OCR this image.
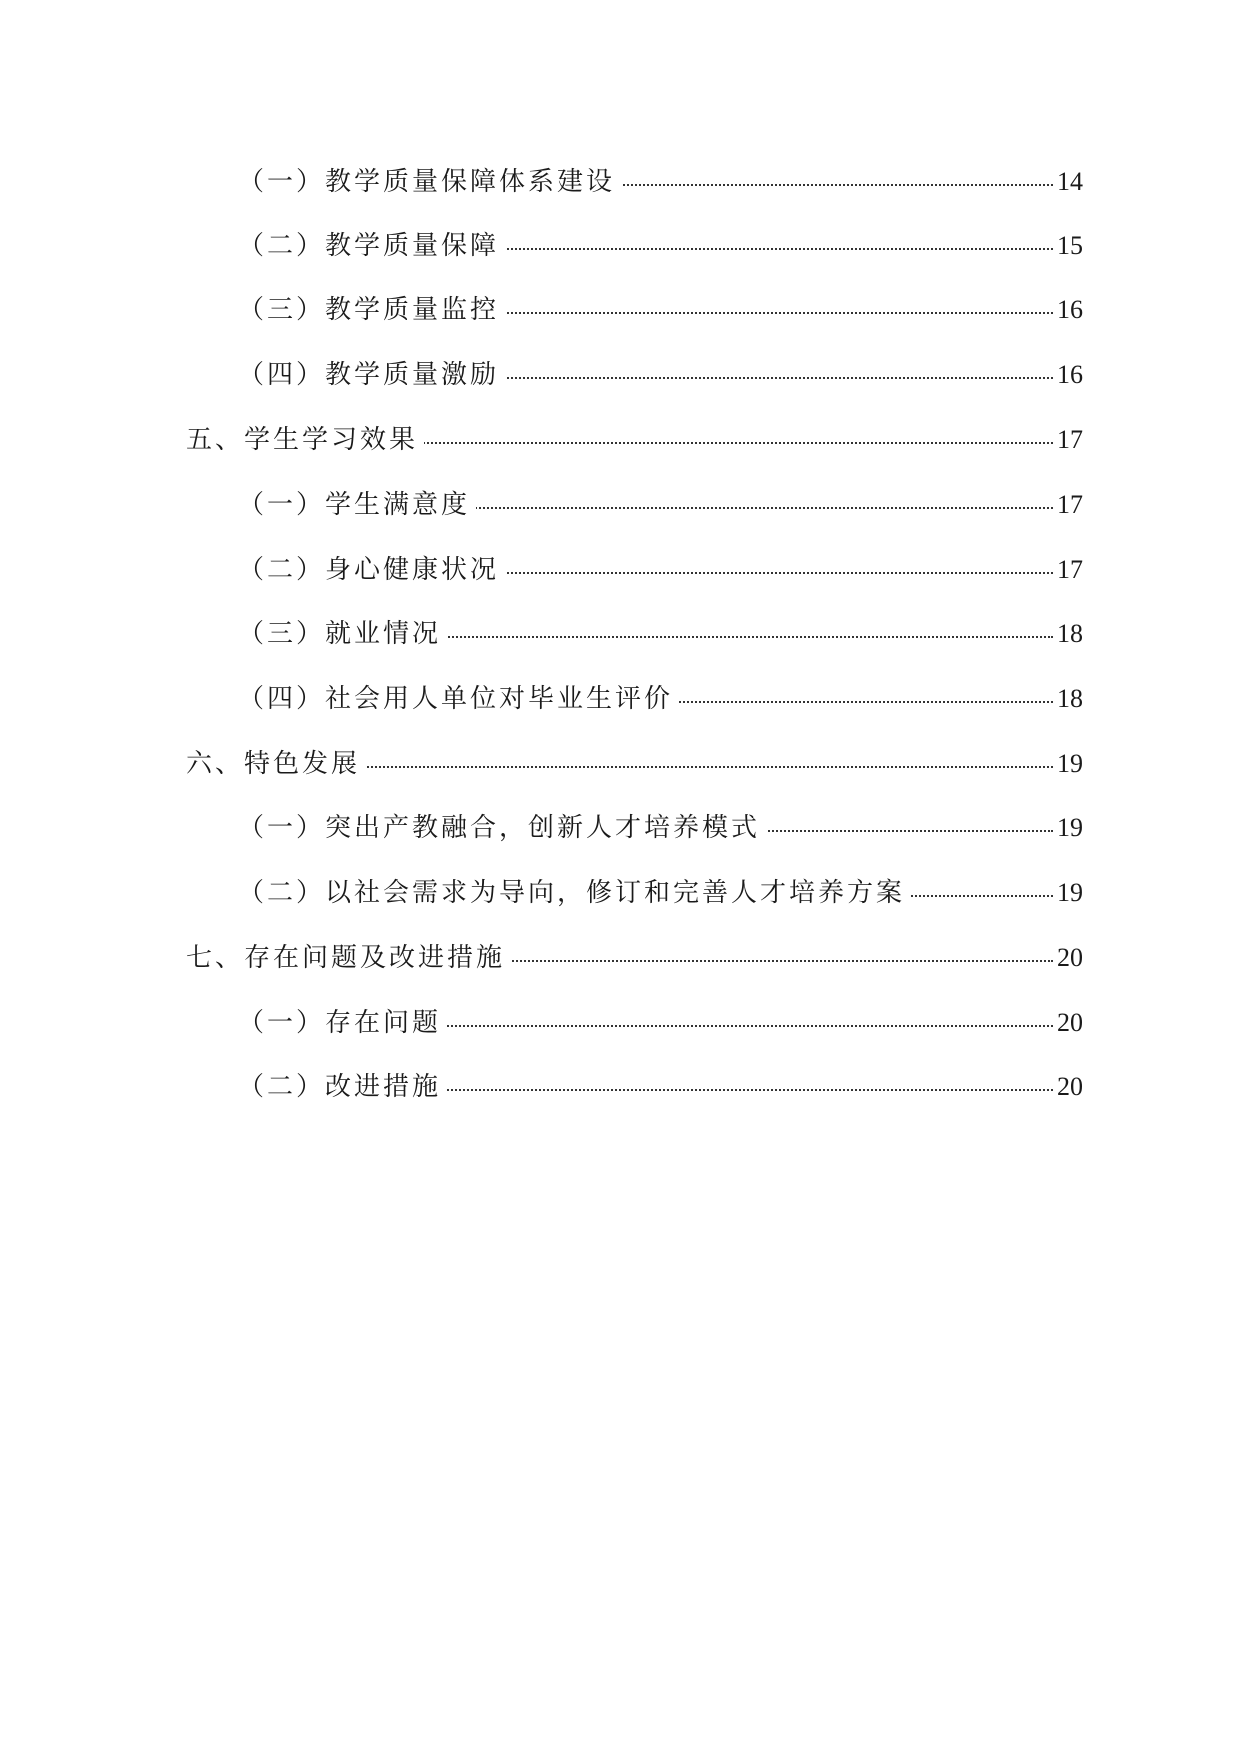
（一）教学质量保障体系建设	14
（二）教学质量保障	15
（三）教学质量监控	16
（四）教学质量激励	16
五、学生学习效果	17
（一）学生满意度	17
（二）身心健康状况	17
（三）就业情况	18
（四）社会用人单位对毕业生评价	18
六、特色发展	19
（一）突出产教融合，创新人才培养模式	19
（二）以社会需求为导向，修订和完善人才培养方案	19
七、存在问题及改进措施	20
（一）存在问题	20
（二）改进措施	20
